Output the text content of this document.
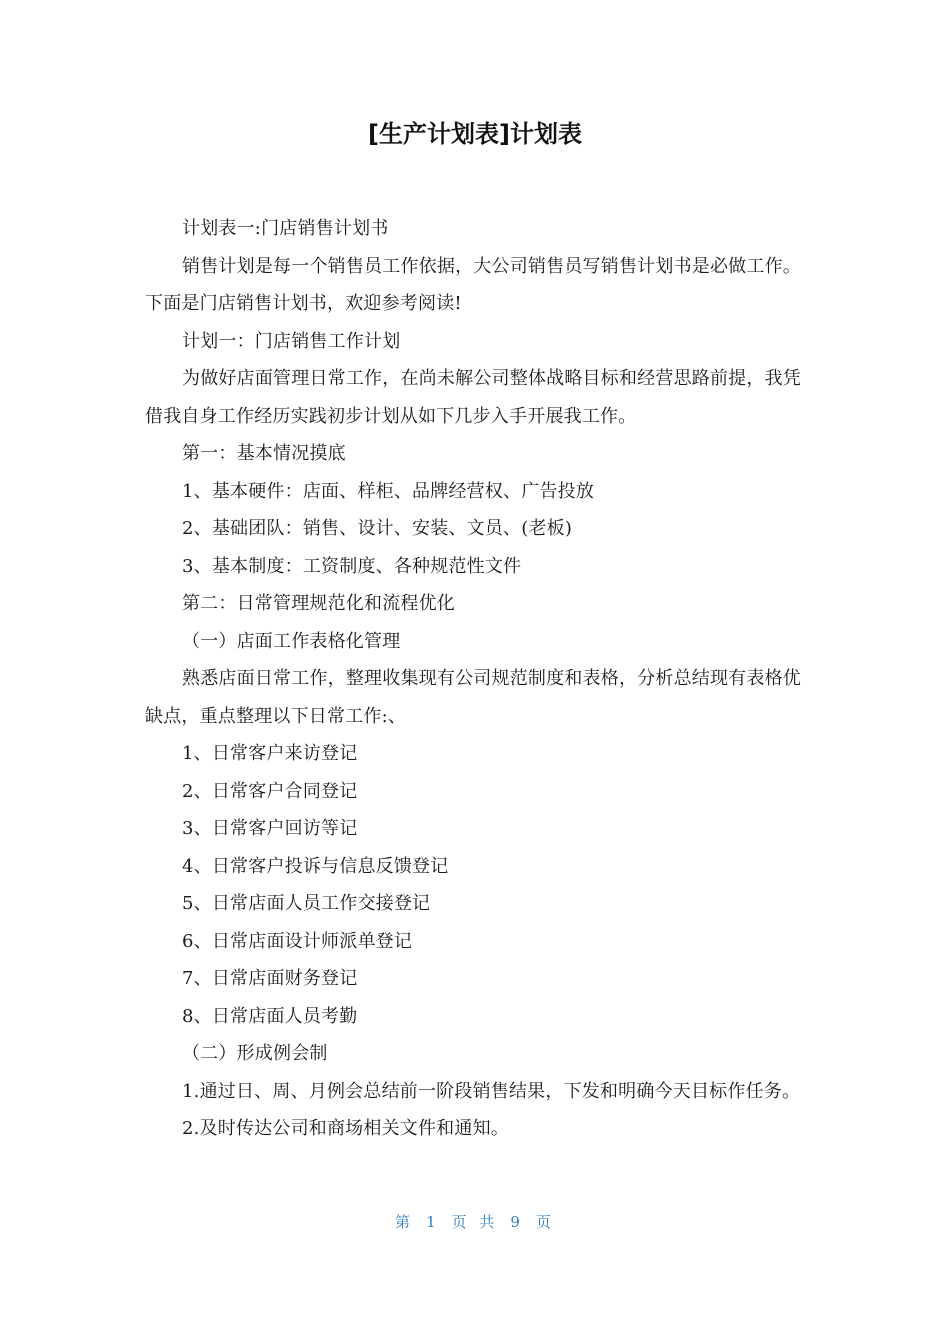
[生产计划表]计划表

计划表一:门店销售计划书

销售计划是每一个销售员工作依据，大公司销售员写销售计划书是必做工作。下面是门店销售计划书，欢迎参考阅读!

计划一：门店销售工作计划

为做好店面管理日常工作，在尚未解公司整体战略目标和经营思路前提，我凭借我自身工作经历实践初步计划从如下几步入手开展我工作。

第一：基本情况摸底

1、基本硬件：店面、样柜、品牌经营权、广告投放

2、基础团队：销售、设计、安装、文员、(老板)

3、基本制度：工资制度、各种规范性文件

第二：日常管理规范化和流程优化

（一）店面工作表格化管理

熟悉店面日常工作，整理收集现有公司规范制度和表格，分析总结现有表格优缺点，重点整理以下日常工作:、

1、日常客户来访登记

2、日常客户合同登记

3、日常客户回访等记

4、日常客户投诉与信息反馈登记

5、日常店面人员工作交接登记

6、日常店面设计师派单登记

7、日常店面财务登记

8、日常店面人员考勤

（二）形成例会制

1.通过日、周、月例会总结前一阶段销售结果，下发和明确今天目标作任务。

2.及时传达公司和商场相关文件和通知。

第 1 页 共 9 页
